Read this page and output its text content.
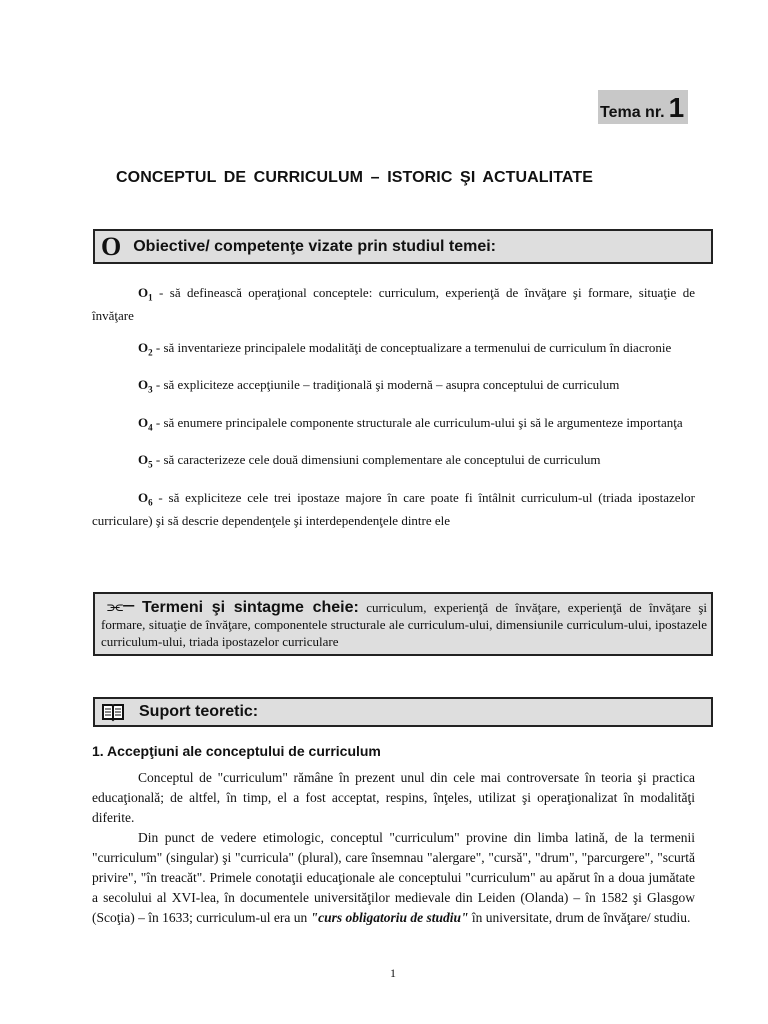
Tema nr. 1
CONCEPTUL DE CURRICULUM – ISTORIC ŞI ACTUALITATE
O Obiective/ competenţe vizate prin studiul temei:

$O_1$ - să definească operaţional conceptele: curriculum, experienţă de învăţare şi formare, situaţie de învăţare

$O_2$ - să inventarieze principalele modalităţi de conceptualizare a termenului de curriculum în diacronie

$O_3$ - să expliciteze accepţiunile – tradiţională şi modernă – asupra conceptului de curriculum

$O_4$ - să enumere principalele componente structurale ale curriculum-ului şi să le argumenteze importanţa

$O_5$ - să caracterizeze cele două dimensiuni complementare ale conceptului de curriculum

$O_6$ - să expliciteze cele trei ipostaze majore în care poate fi întâlnit curriculum-ul (triada ipostazelor curriculare) şi să descrie dependenţele şi interdependenţele dintre ele

⫘─ Termeni şi sintagme cheie: curriculum, experienţă de învăţare, experienţă de învăţare şi formare, situaţie de învăţare, componentele structurale ale curriculum-ului, dimensiunile curriculum-ului, ipostazele curriculum-ului, triada ipostazelor curriculare
Suport teoretic:
1. Accepţiuni ale conceptului de curriculum

Conceptul de "curriculum" rămâne în prezent unul din cele mai controversate în teoria şi practica educaţională; de altfel, în timp, el a fost acceptat, respins, înţeles, utilizat şi operaţionalizat în modalităţi diferite.

Din punct de vedere etimologic, conceptul "curriculum" provine din limba latină, de la termenii "curriculum" (singular) şi "curricula" (plural), care însemnau "alergare", "cursă", "drum", "parcurgere", "scurtă privire", "în treacăt". Primele conotaţii educaţionale ale conceptului "curriculum" au apărut în a doua jumătate a secolului al XVI-lea, în documentele universităţilor medievale din Leiden (Olanda) – în 1582 şi Glasgow (Scoţia) – în 1633; curriculum-ul era un "curs obligatoriu de studiu" în universitate, drum de învăţare/ studiu.

1
